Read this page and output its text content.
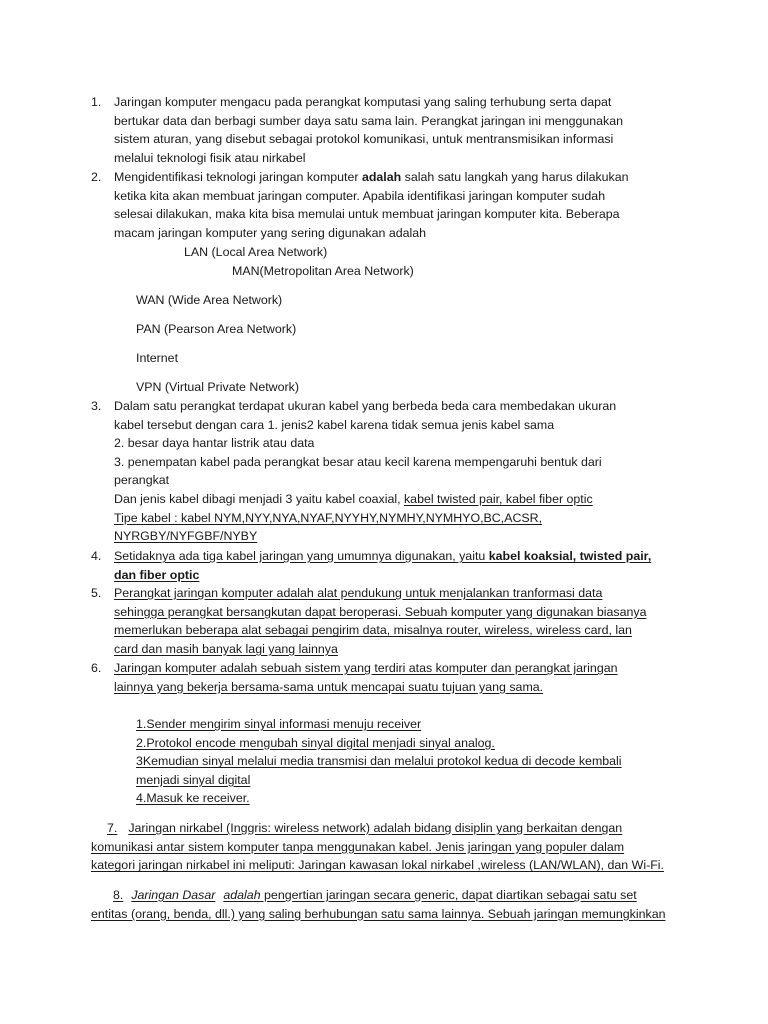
1.	Jaringan komputer mengacu pada perangkat komputasi yang saling terhubung serta dapat
bertukar data dan berbagi sumber daya satu sama lain. Perangkat jaringan ini menggunakan
sistem aturan, yang disebut sebagai protokol komunikasi, untuk mentransmisikan informasi
melalui teknologi fisik atau nirkabel
2.	Mengidentifikasi teknologi jaringan komputer adalah salah satu langkah yang harus dilakukan
ketika kita akan membuat jaringan computer. Apabila identifikasi jaringan komputer sudah
selesai dilakukan, maka kita bisa memulai untuk membuat jaringan komputer kita. Beberapa
macam jaringan komputer yang sering digunakan adalah
LAN (Local Area Network)
MAN(Metropolitan Area Network)
WAN (Wide Area Network)
PAN (Pearson Area Network)
Internet
VPN (Virtual Private Network)
3.	Dalam satu perangkat terdapat ukuran kabel yang berbeda beda cara membedakan ukuran
kabel tersebut dengan cara 1. jenis2 kabel karena tidak semua jenis kabel sama
2. besar daya hantar listrik atau data
3. penempatan kabel pada perangkat besar atau kecil karena mempengaruhi bentuk dari
perangkat
Dan jenis kabel dibagi menjadi 3 yaitu kabel coaxial, kabel twisted pair, kabel fiber optic
Tipe kabel : kabel NYM,NYY,NYA,NYAF,NYYHY,NYMHY,NYMHYO,BC,ACSR,
NYRGBY/NYFGBF/NYBY
4.	Setidaknya ada tiga kabel jaringan yang umumnya digunakan, yaitu kabel koaksial, twisted pair,
dan fiber optic
5.	Perangkat jaringan komputer adalah alat pendukung untuk menjalankan tranformasi data
sehingga perangkat bersangkutan dapat beroperasi. Sebuah komputer yang digunakan biasanya
memerlukan beberapa alat sebagai pengirim data, misalnya router, wireless, wireless card, lan
card dan masih banyak lagi yang lainnya
6.	Jaringan komputer adalah sebuah sistem yang terdiri atas komputer dan perangkat jaringan
lainnya yang bekerja bersama-sama untuk mencapai suatu tujuan yang sama.
1.Sender mengirim sinyal informasi menuju receiver
2.Protokol encode mengubah sinyal digital menjadi sinyal analog.
3Kemudian sinyal melalui media transmisi dan melalui protokol kedua di decode kembali
menjadi sinyal digital
4.Masuk ke receiver.
7. Jaringan nirkabel (Inggris: wireless network) adalah bidang disiplin yang berkaitan dengan
komunikasi antar sistem komputer tanpa menggunakan kabel. Jenis jaringan yang populer dalam
kategori jaringan nirkabel ini meliputi: Jaringan kawasan lokal nirkabel ,wireless (LAN/WLAN), dan Wi-Fi.
8. Jaringan Dasar adalah pengertian jaringan secara generic, dapat diartikan sebagai satu set
entitas (orang, benda, dll.) yang saling berhubungan satu sama lainnya. Sebuah jaringan memungkinkan
